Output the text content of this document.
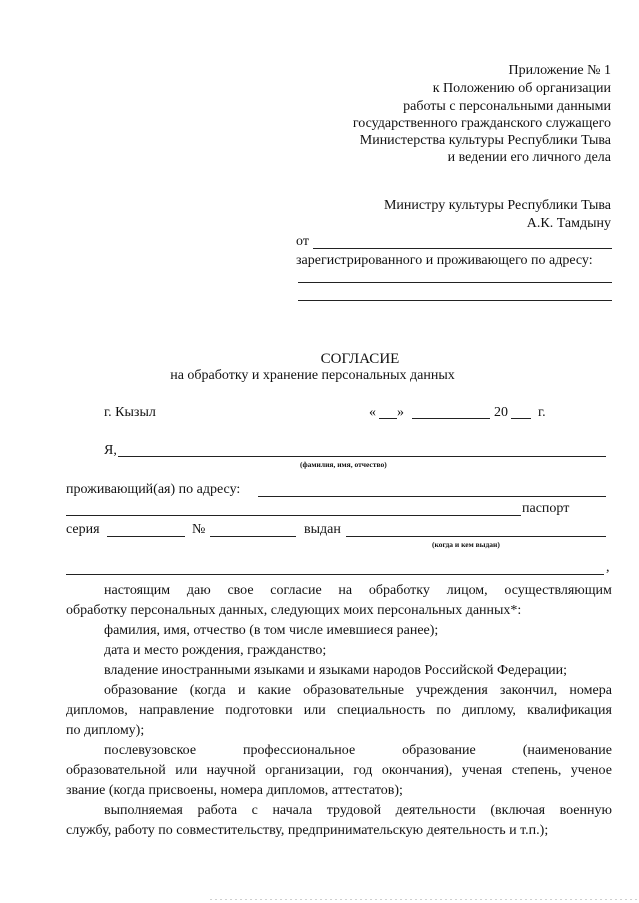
Приложение № 1
к Положению об организации
работы с персональными данными
государственного гражданского служащего
Министерства культуры Республики Тыва
и ведении его личного дела
Министру культуры Республики Тыва
А.К. Тамдыну
от
зарегистрированного и проживающего по адресу:
СОГЛАСИЕ
на обработку и хранение персональных данных
г. Кызыл	« »	20 г.
Я,
(фамилия, имя, отчество)
проживающий(ая) по адресу:
паспорт
серия	№	выдан
(когда и кем выдан)
,
настоящим даю свое согласие на обработку лицом, осуществляющим
обработку персональных данных, следующих моих персональных данных*:
фамилия, имя, отчество (в том числе имевшиеся ранее);
дата и место рождения, гражданство;
владение иностранными языками и языками народов Российской Федерации;
образование (когда и какие образовательные учреждения закончил, номера
дипломов, направление подготовки или специальность по диплому, квалификация
по диплому);
послевузовское	профессиональное	образование	(наименование
образовательной или научной организации, год окончания), ученая степень, ученое
звание (когда присвоены, номера дипломов, аттестатов);
выполняемая работа с начала трудовой деятельности (включая военную
службу, работу по совместительству, предпринимательскую деятельность и т.п.);
